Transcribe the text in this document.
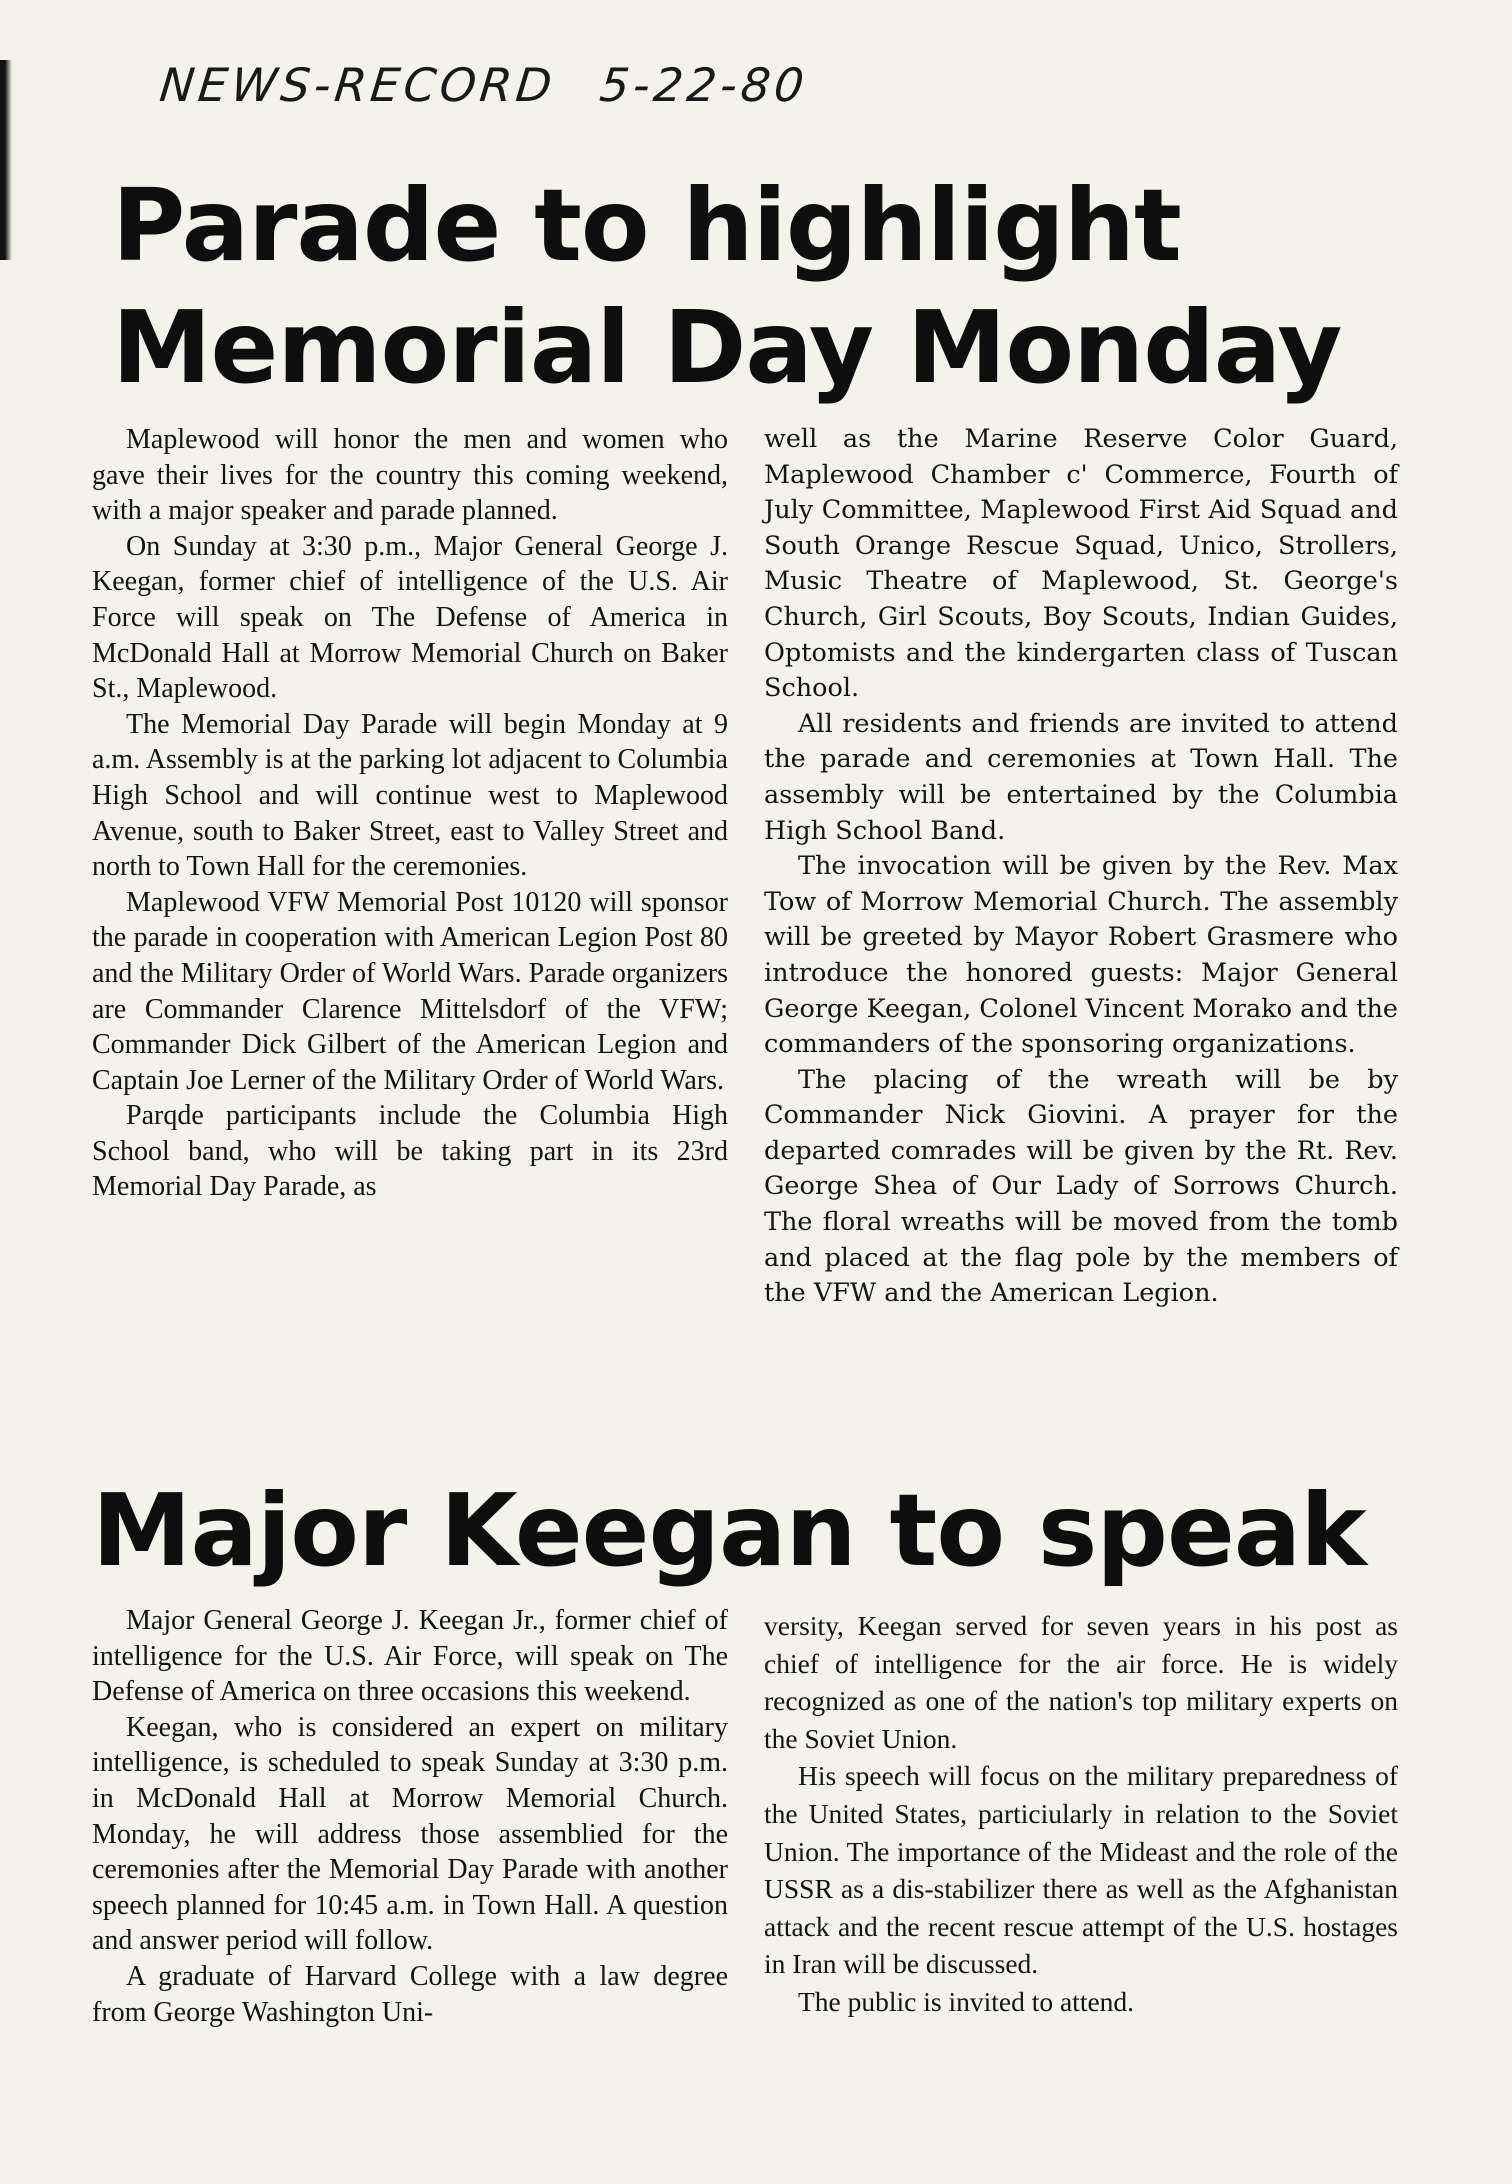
NEWS-RECORD 5-22-80
Parade to highlight
Memorial Day Monday

Maplewood will honor the men and women who gave their lives for the country this coming weekend, with a major speaker and parade planned.

On Sunday at 3:30 p.m., Major General George J. Keegan, former chief of intelligence of the U.S. Air Force will speak on The Defense of America in McDonald Hall at Morrow Memorial Church on Baker St., Maplewood.

The Memorial Day Parade will begin Monday at 9 a.m. Assembly is at the parking lot adjacent to Columbia High School and will continue west to Maplewood Avenue, south to Baker Street, east to Valley Street and north to Town Hall for the ceremonies.

Maplewood VFW Memorial Post 10120 will sponsor the parade in cooperation with American Legion Post 80 and the Military Order of World Wars. Parade organizers are Commander Clarence Mittelsdorf of the VFW; Commander Dick Gilbert of the American Legion and Captain Joe Lerner of the Military Order of World Wars.

Parqde participants include the Columbia High School band, who will be taking part in its 23rd Memorial Day Parade, as

well as the Marine Reserve Color Guard, Maplewood Chamber c' Commerce, Fourth of July Committee, Maplewood First Aid Squad and South Orange Rescue Squad, Unico, Strollers, Music Theatre of Maplewood, St. George's Church, Girl Scouts, Boy Scouts, Indian Guides, Optomists and the kindergarten class of Tuscan School.

All residents and friends are invited to attend the parade and ceremonies at Town Hall. The assembly will be entertained by the Columbia High School Band.

The invocation will be given by the Rev. Max Tow of Morrow Memorial Church. The assembly will be greeted by Mayor Robert Grasmere who introduce the honored guests: Major General George Keegan, Colonel Vincent Morako and the commanders of the sponsoring organizations.

The placing of the wreath will be by Commander Nick Giovini. A prayer for the departed comrades will be given by the Rt. Rev. George Shea of Our Lady of Sorrows Church. The floral wreaths will be moved from the tomb and placed at the flag pole by the members of the VFW and the American Legion.

Major Keegan to speak

Major General George J. Keegan Jr., former chief of intelligence for the U.S. Air Force, will speak on The Defense of America on three occasions this weekend.

Keegan, who is considered an expert on military intelligence, is scheduled to speak Sunday at 3:30 p.m. in McDonald Hall at Morrow Memorial Church. Monday, he will address those assemblied for the ceremonies after the Memorial Day Parade with another speech planned for 10:45 a.m. in Town Hall. A question and answer period will follow.

A graduate of Harvard College with a law degree from George Washington Uni-

versity, Keegan served for seven years in his post as chief of intelligence for the air force. He is widely recognized as one of the nation's top military experts on the Soviet Union.

His speech will focus on the military preparedness of the United States, particiularly in relation to the Soviet Union. The importance of the Mideast and the role of the USSR as a dis-stabilizer there as well as the Afghanistan attack and the recent rescue attempt of the U.S. hostages in Iran will be discussed.

The public is invited to attend.
